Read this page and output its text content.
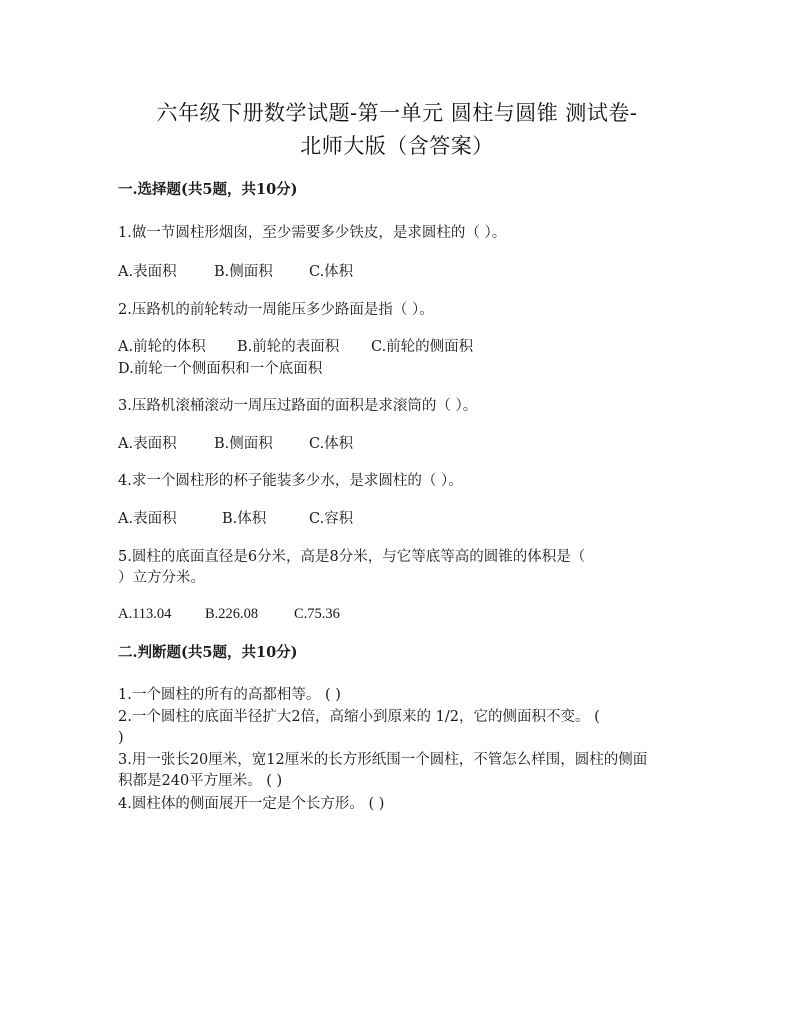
六年级下册数学试题-第一单元 圆柱与圆锥 测试卷-
北师大版（含答案）
一.选择题(共5题，共10分)
1.做一节圆柱形烟囱，至少需要多少铁皮，是求圆柱的（ ）。
A.表面积	B.侧面积 C.体积
2.压路机的前轮转动一周能压多少路面是指（ ）。
A.前轮的体积 B.前轮的表面积 C.前轮的侧面积
D.前轮一个侧面积和一个底面积
3.压路机滚桶滚动一周压过路面的面积是求滚筒的（ ）。
A.表面积	B.侧面积 C.体积
4.求一个圆柱形的杯子能装多少水，是求圆柱的（ ）。
A.表面积	B.体积	C.容积
5.圆柱的底面直径是6分米，高是8分米，与它等底等高的圆锥的体积是（
）立方分米。
A.113.04 B.226.08 C.75.36
二.判断题(共5题，共10分)
1.一个圆柱的所有的高都相等。 ( )
2.一个圆柱的底面半径扩大2倍，高缩小到原来的 1/2，它的侧面积不变。 (
)
3.用一张长20厘米，宽12厘米的长方形纸围一个圆柱，不管怎么样围，圆柱的侧面
积都是240平方厘米。 ( )
4.圆柱体的侧面展开一定是个长方形。 ( )
